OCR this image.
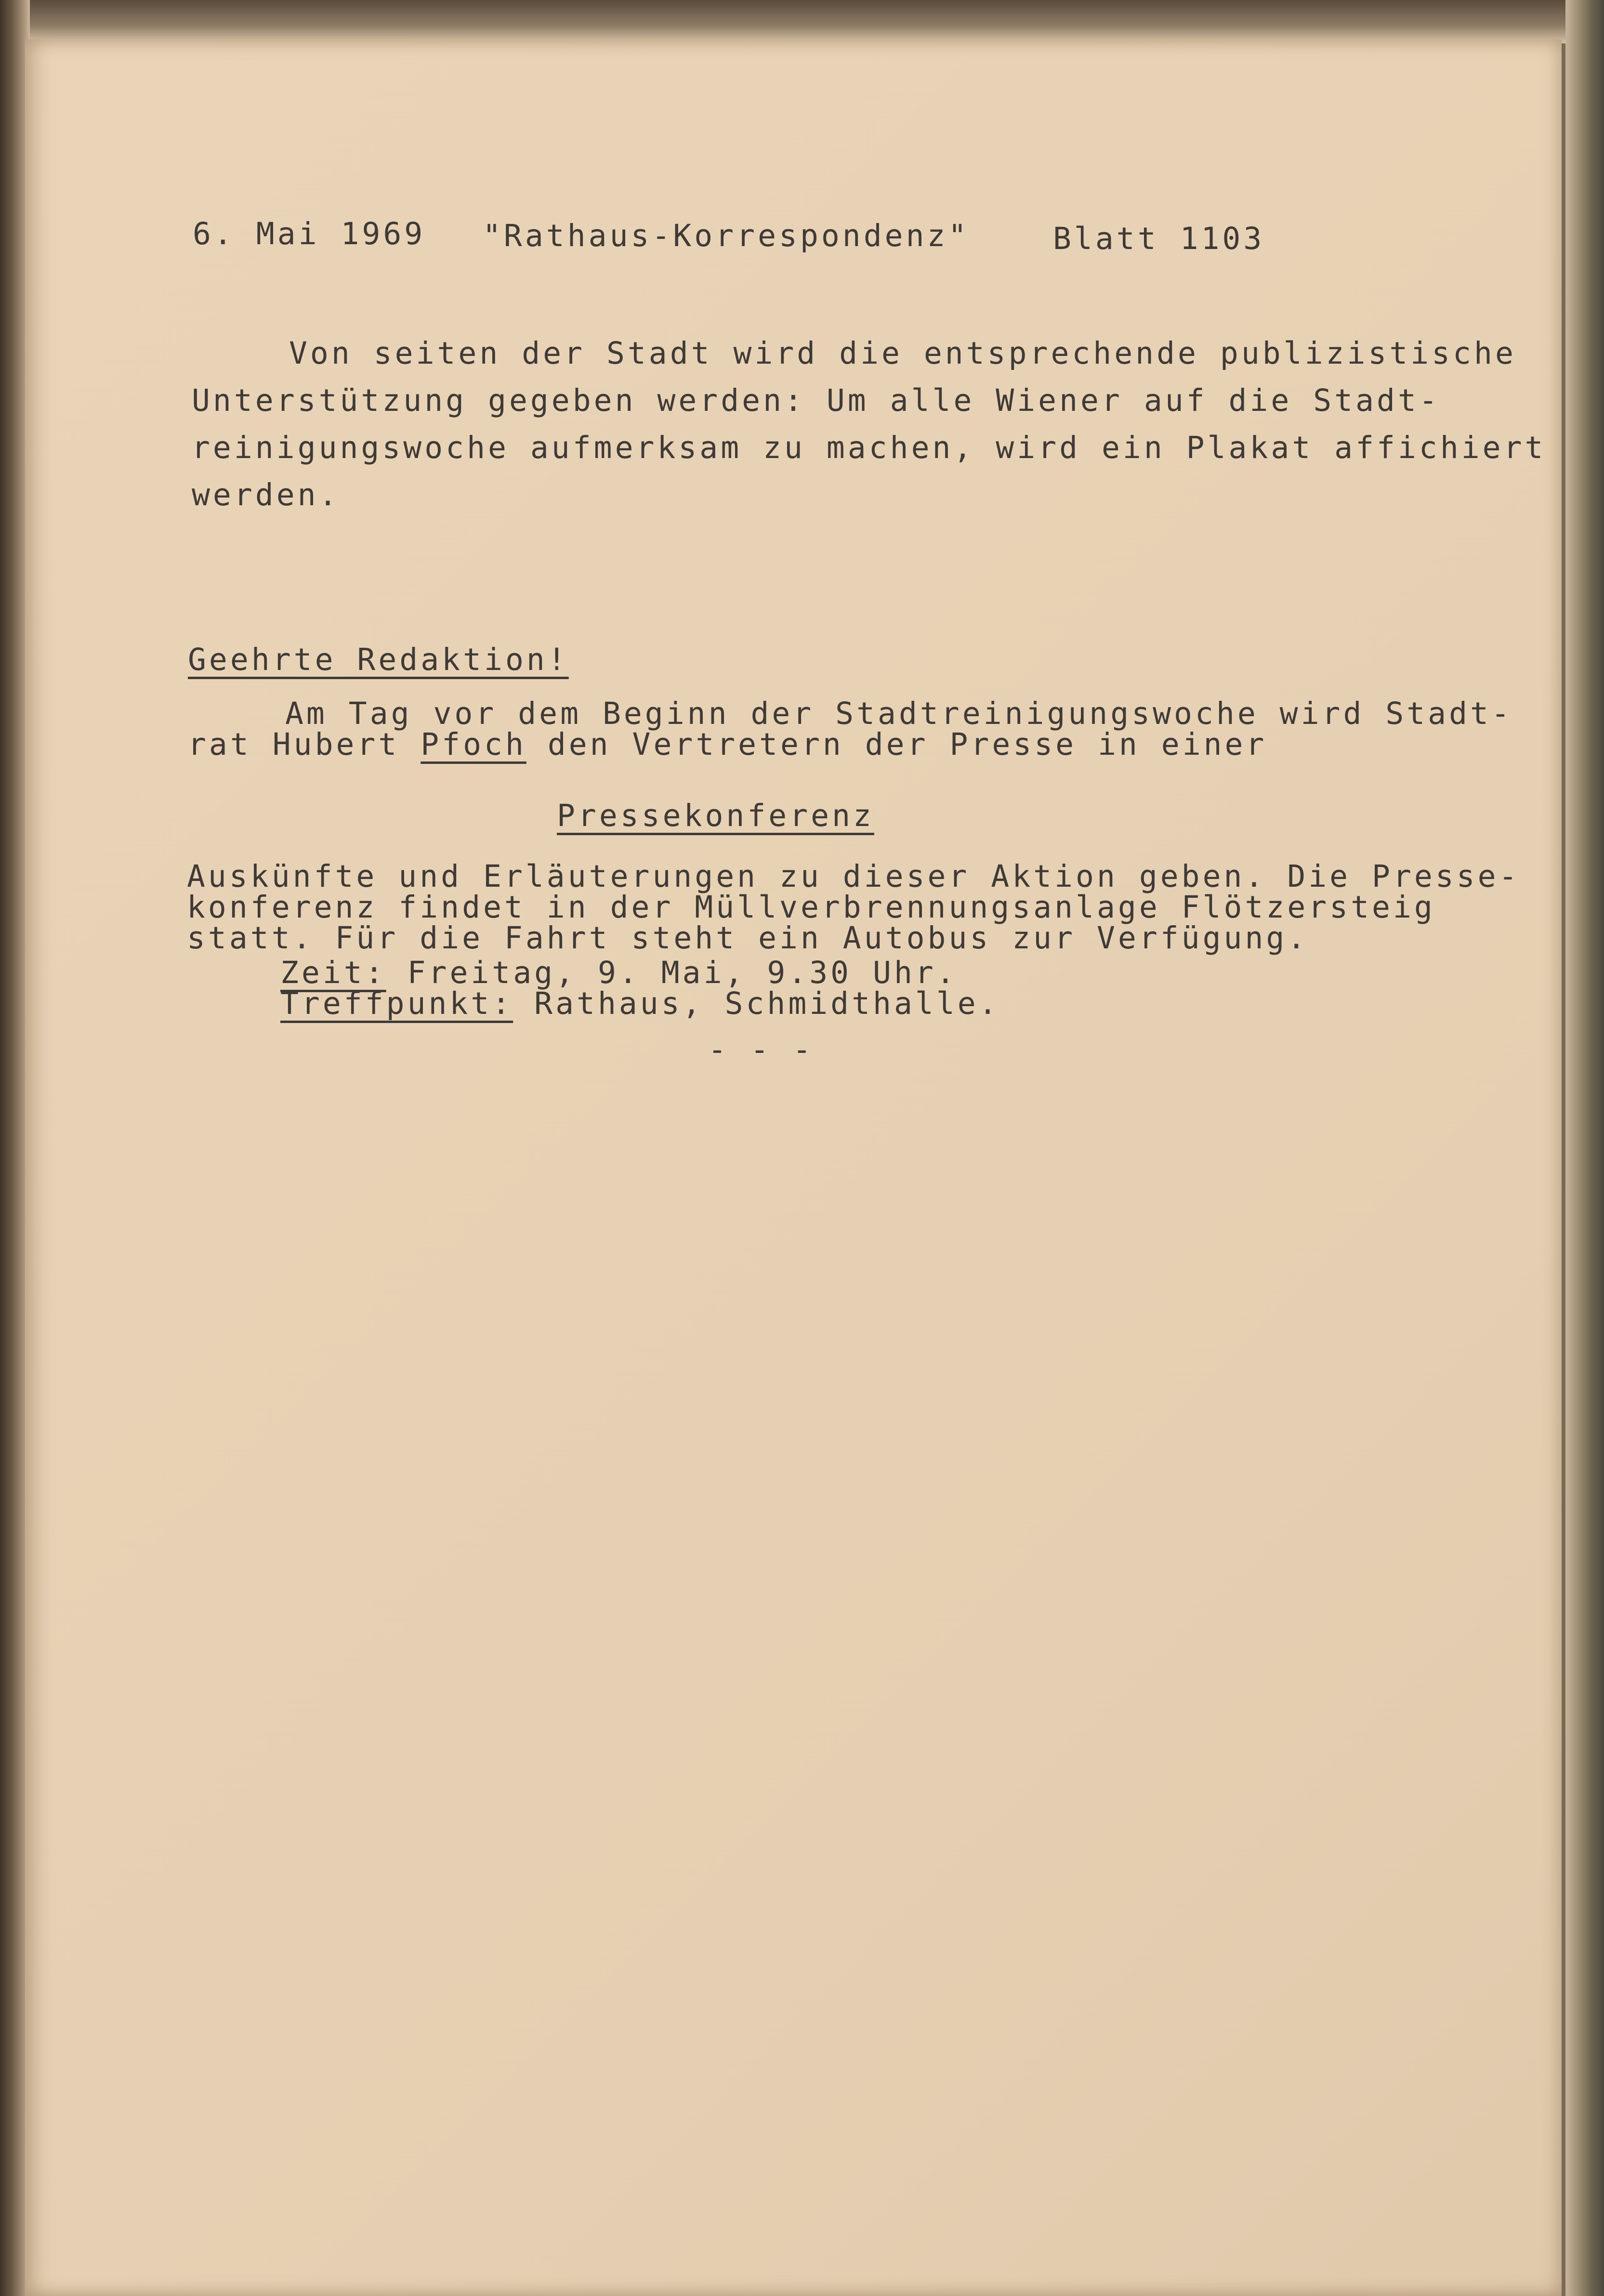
6. Mai 1969 "Rathaus-Korrespondenz"	Blatt 1103
Von seiten der Stadt wird die entsprechende publizistische
Unterstützung gegeben werden: Um alle Wiener auf die Stadt-
reinigungswoche aufmerksam zu machen, wird ein Plakat affichiert
werden.
Geehrte Redaktion!
Am Tag vor dem Beginn der Stadtreinigungswoche wird Stadt-
rat Hubert Pfoch den Vertretern der Presse in einer
Pressekonferenz
Auskünfte und Erläuterungen zu dieser Aktion geben. Die Presse-
konferenz findet in der Müllverbrennungsanlage Flötzersteig
statt. Für die Fahrt steht ein Autobus zur Verfügung.
Zeit: Freitag, 9. Mai, 9.30 Uhr.
Treffpunkt: Rathaus, Schmidthalle.
- - -
